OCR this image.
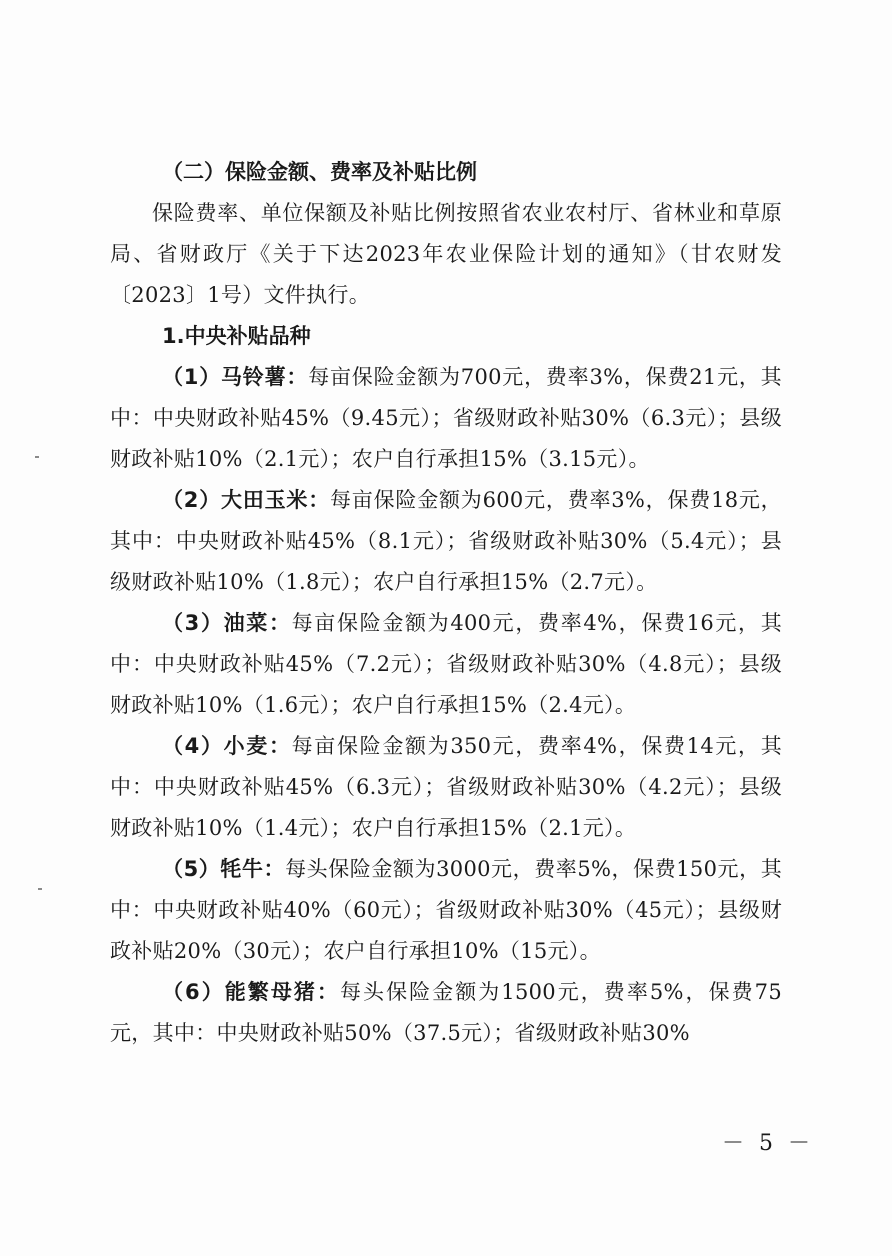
（二）保险金额、费率及补贴比例

保险费率、单位保额及补贴比例按照省农业农村厅、省林业和草原局、省财政厅《关于下达2023年农业保险计划的通知》（甘农财发〔2023〕1号）文件执行。

1.中央补贴品种

（1）马铃薯：每亩保险金额为700元，费率3%，保费21元，其中：中央财政补贴45%（9.45元）；省级财政补贴30%（6.3元）；县级财政补贴10%（2.1元）；农户自行承担15%（3.15元）。

（2）大田玉米：每亩保险金额为600元，费率3%，保费18元，其中：中央财政补贴45%（8.1元）；省级财政补贴30%（5.4元）；县级财政补贴10%（1.8元）；农户自行承担15%（2.7元）。

（3）油菜：每亩保险金额为400元，费率4%，保费16元，其中：中央财政补贴45%（7.2元）；省级财政补贴30%（4.8元）；县级财政补贴10%（1.6元）；农户自行承担15%（2.4元）。

（4）小麦：每亩保险金额为350元，费率4%，保费14元，其中：中央财政补贴45%（6.3元）；省级财政补贴30%（4.2元）；县级财政补贴10%（1.4元）；农户自行承担15%（2.1元）。

（5）牦牛：每头保险金额为3000元，费率5%，保费150元，其中：中央财政补贴40%（60元）；省级财政补贴30%（45元）；县级财政补贴20%（30元）；农户自行承担10%（15元）。

（6）能繁母猪：每头保险金额为1500元，费率5%，保费75元，其中：中央财政补贴50%（37.5元）；省级财政补贴30%

－ 5 －
